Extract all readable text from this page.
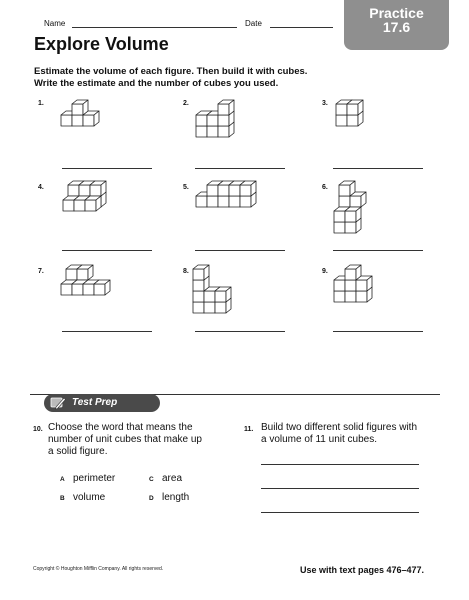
Name	Date
Practice
17.6
Explore Volume
Estimate the volume of each figure. Then build it with cubes.
Write the estimate and the number of cubes you used.
1.	2.	3.
4.	5.	6.
7.	8.	9.
Test Prep
10. Choose the word that means the
number of unit cubes that make up
a solid figure.
A perimeter	C area
B volume	D length
11. Build two different solid figures with
a volume of 11 unit cubes.
Copyright © Houghton Mifflin Company. All rights reserved.	Use with text pages 476–477.
